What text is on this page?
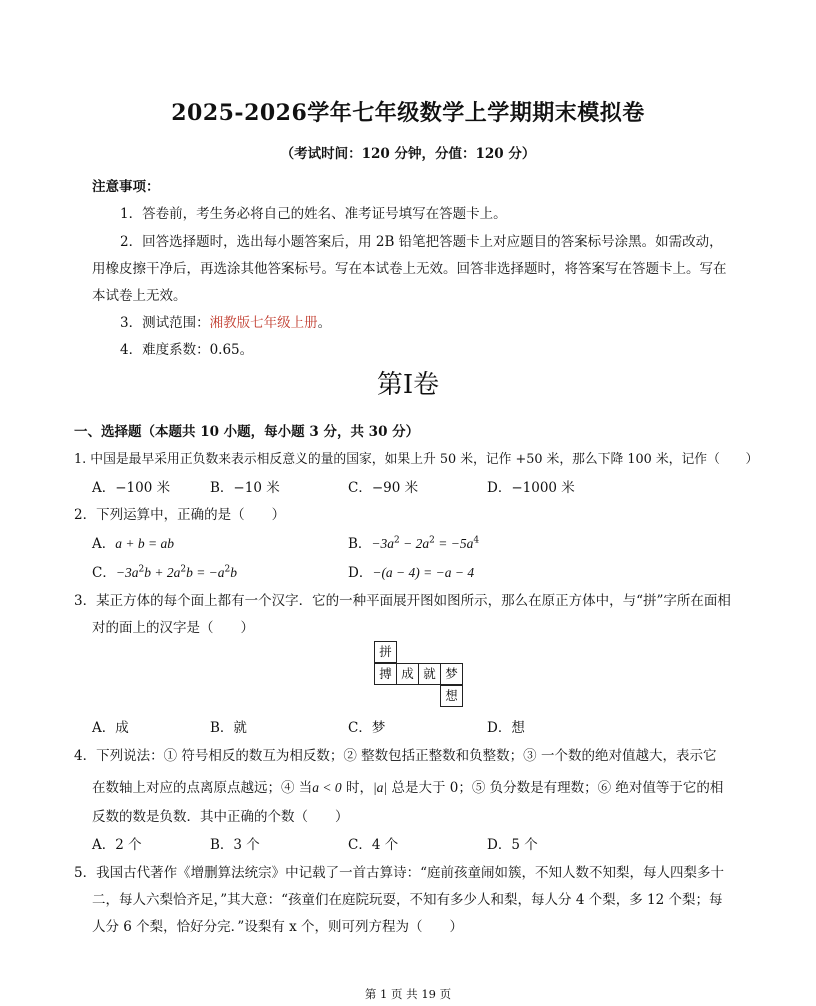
2025-2026学年七年级数学上学期期末模拟卷
（考试时间：120 分钟，分值：120 分）
注意事项：
1．答卷前，考生务必将自己的姓名、准考证号填写在答题卡上。
2．回答选择题时，选出每小题答案后，用 2B 铅笔把答题卡上对应题目的答案标号涂黑。如需改动，
用橡皮擦干净后，再选涂其他答案标号。写在本试卷上无效。回答非选择题时，将答案写在答题卡上。写在
本试卷上无效。
3．测试范围：湘教版七年级上册。
4．难度系数：0.65。
第Ⅰ卷
一、选择题（本题共 10 小题，每小题 3 分，共 30 分）
1. 中国是最早采用正负数来表示相反意义的量的国家，如果上升 50 米，记作 +50 米，那么下降 100 米，记作（　　）
A．−100 米	B．−10 米	C．−90 米	D．−1000 米
2．下列运算中，正确的是（　　）
A．a + b = ab	B．$-3a^2 - 2a^2 = -5a^4$
C．$-3a^2b + 2a^2b = -a^2b$	D．−(a − 4) = −a − 4
3．某正方体的每个面上都有一个汉字．它的一种平面展开图如图所示，那么在原正方体中，与“拼”字所在面相
对的面上的汉字是（　　）
拼
搏 成 就 梦
想
A．成	B．就	C．梦	D．想
4．下列说法：① 符号相反的数互为相反数；② 整数包括正整数和负整数；③ 一个数的绝对值越大，表示它
在数轴上对应的点离原点越远；④ 当a < 0 时，|a| 总是大于 0；⑤ 负分数是有理数；⑥ 绝对值等于它的相
反数的数是负数．其中正确的个数（　　）
A．2 个	B．3 个	C．4 个	D．5 个
5．我国古代著作《增删算法统宗》中记载了一首古算诗：“庭前孩童闹如簇，不知人数不知梨，每人四梨多十
二，每人六梨恰齐足，”其大意：“孩童们在庭院玩耍，不知有多少人和梨，每人分 4 个梨，多 12 个梨；每
人分 6 个梨，恰好分完．”设梨有 x 个，则可列方程为（　　）
第 1 页 共 19 页
